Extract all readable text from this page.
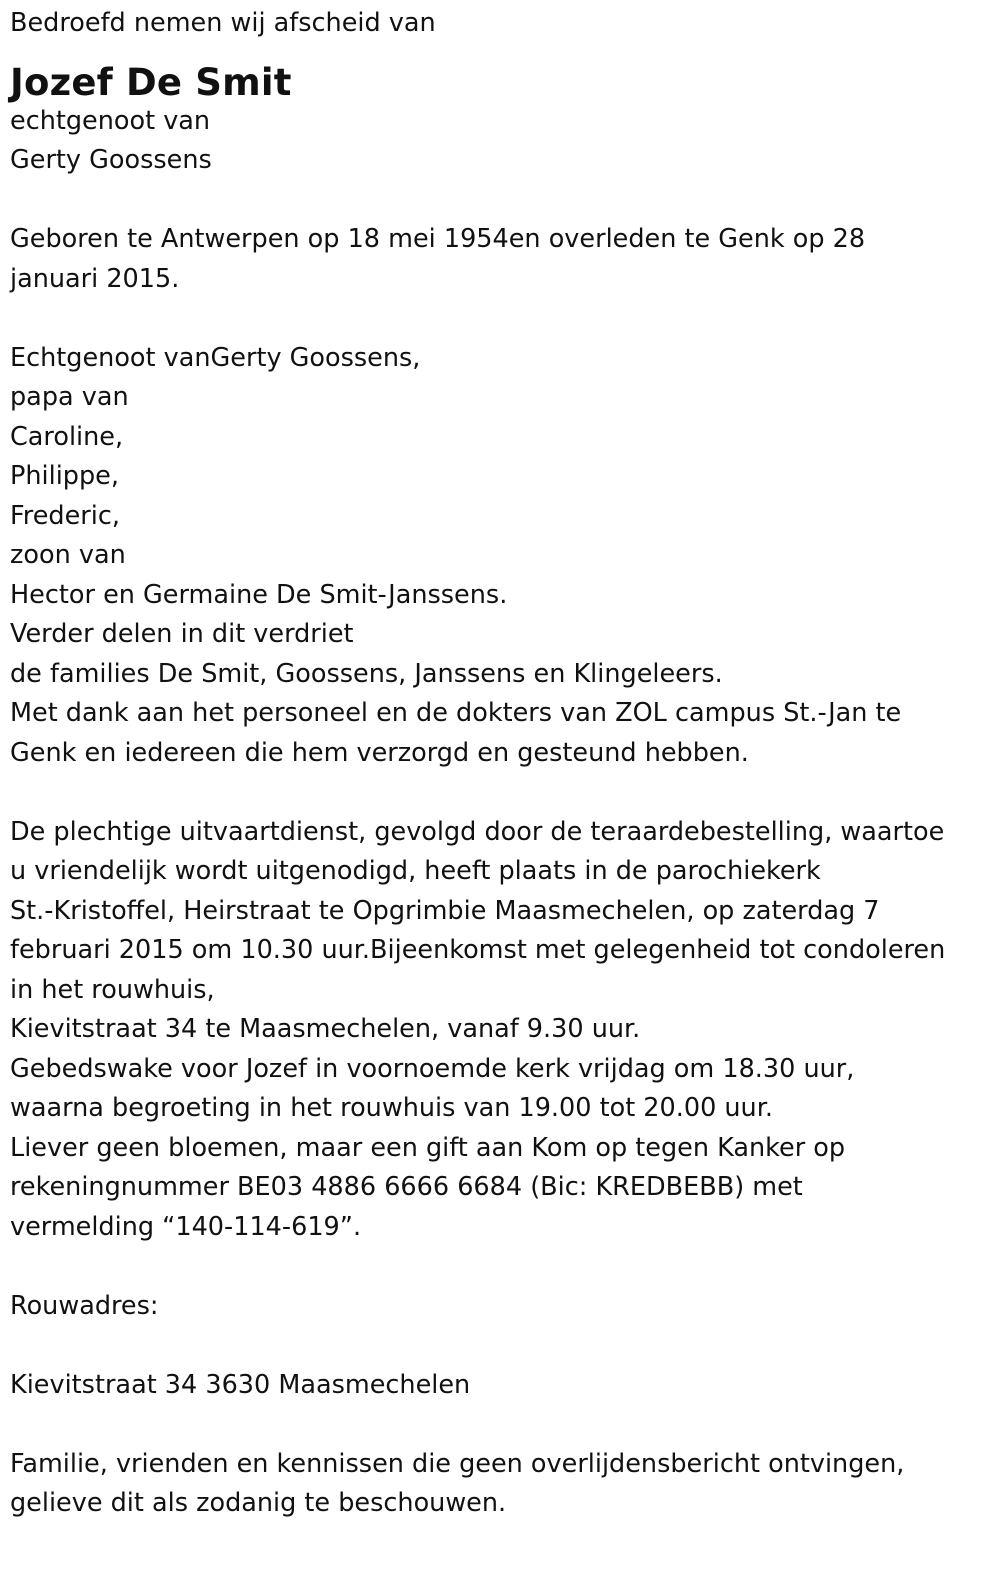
Bedroefd nemen wij afscheid van

Jozef De Smit

echtgenoot van

Gerty Goossens

Geboren te Antwerpen op 18 mei 1954en overleden te Genk op 28

januari 2015.

Echtgenoot vanGerty Goossens,

papa van

Caroline,

Philippe,

Frederic,

zoon van

Hector en Germaine De Smit-Janssens.

Verder delen in dit verdriet

de families De Smit, Goossens, Janssens en Klingeleers.

Met dank aan het personeel en de dokters van ZOL campus St.-Jan te

Genk en iedereen die hem verzorgd en gesteund hebben.

De plechtige uitvaartdienst, gevolgd door de teraardebestelling, waartoe

u vriendelijk wordt uitgenodigd, heeft plaats in de parochiekerk

St.-Kristoffel, Heirstraat te Opgrimbie Maasmechelen, op zaterdag 7

februari 2015 om 10.30 uur.Bijeenkomst met gelegenheid tot condoleren

in het rouwhuis,

Kievitstraat 34 te Maasmechelen, vanaf 9.30 uur.

Gebedswake voor Jozef in voornoemde kerk vrijdag om 18.30 uur,

waarna begroeting in het rouwhuis van 19.00 tot 20.00 uur.

Liever geen bloemen, maar een gift aan Kom op tegen Kanker op

rekeningnummer BE03 4886 6666 6684 (Bic: KREDBEBB) met

vermelding “140-114-619”.

Rouwadres:

Kievitstraat 34 3630 Maasmechelen

Familie, vrienden en kennissen die geen overlijdensbericht ontvingen,

gelieve dit als zodanig te beschouwen.
